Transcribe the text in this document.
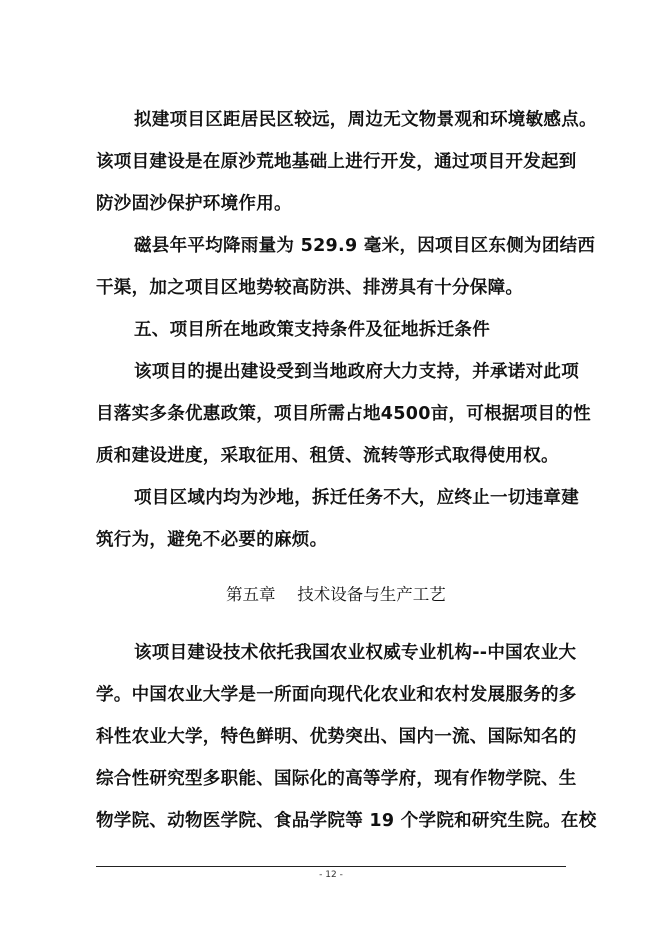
拟建项目区距居民区较远，周边无文物景观和环境敏感点。
该项目建设是在原沙荒地基础上进行开发，通过项目开发起到
防沙固沙保护环境作用。
磁县年平均降雨量为 529.9 毫米，因项目区东侧为团结西
干渠，加之项目区地势较高防洪、排涝具有十分保障。
五、项目所在地政策支持条件及征地拆迁条件
该项目的提出建设受到当地政府大力支持，并承诺对此项
目落实多条优惠政策，项目所需占地4500亩，可根据项目的性
质和建设进度，采取征用、租赁、流转等形式取得使用权。
项目区域内均为沙地，拆迁任务不大，应终止一切违章建
筑行为，避免不必要的麻烦。
第五章　 技术设备与生产工艺
该项目建设技术依托我国农业权威专业机构--中国农业大
学。中国农业大学是一所面向现代化农业和农村发展服务的多
科性农业大学，特色鲜明、优势突出、国内一流、国际知名的
综合性研究型多职能、国际化的高等学府，现有作物学院、生
物学院、动物医学院、食品学院等 19 个学院和研究生院。在校
- 12 -
